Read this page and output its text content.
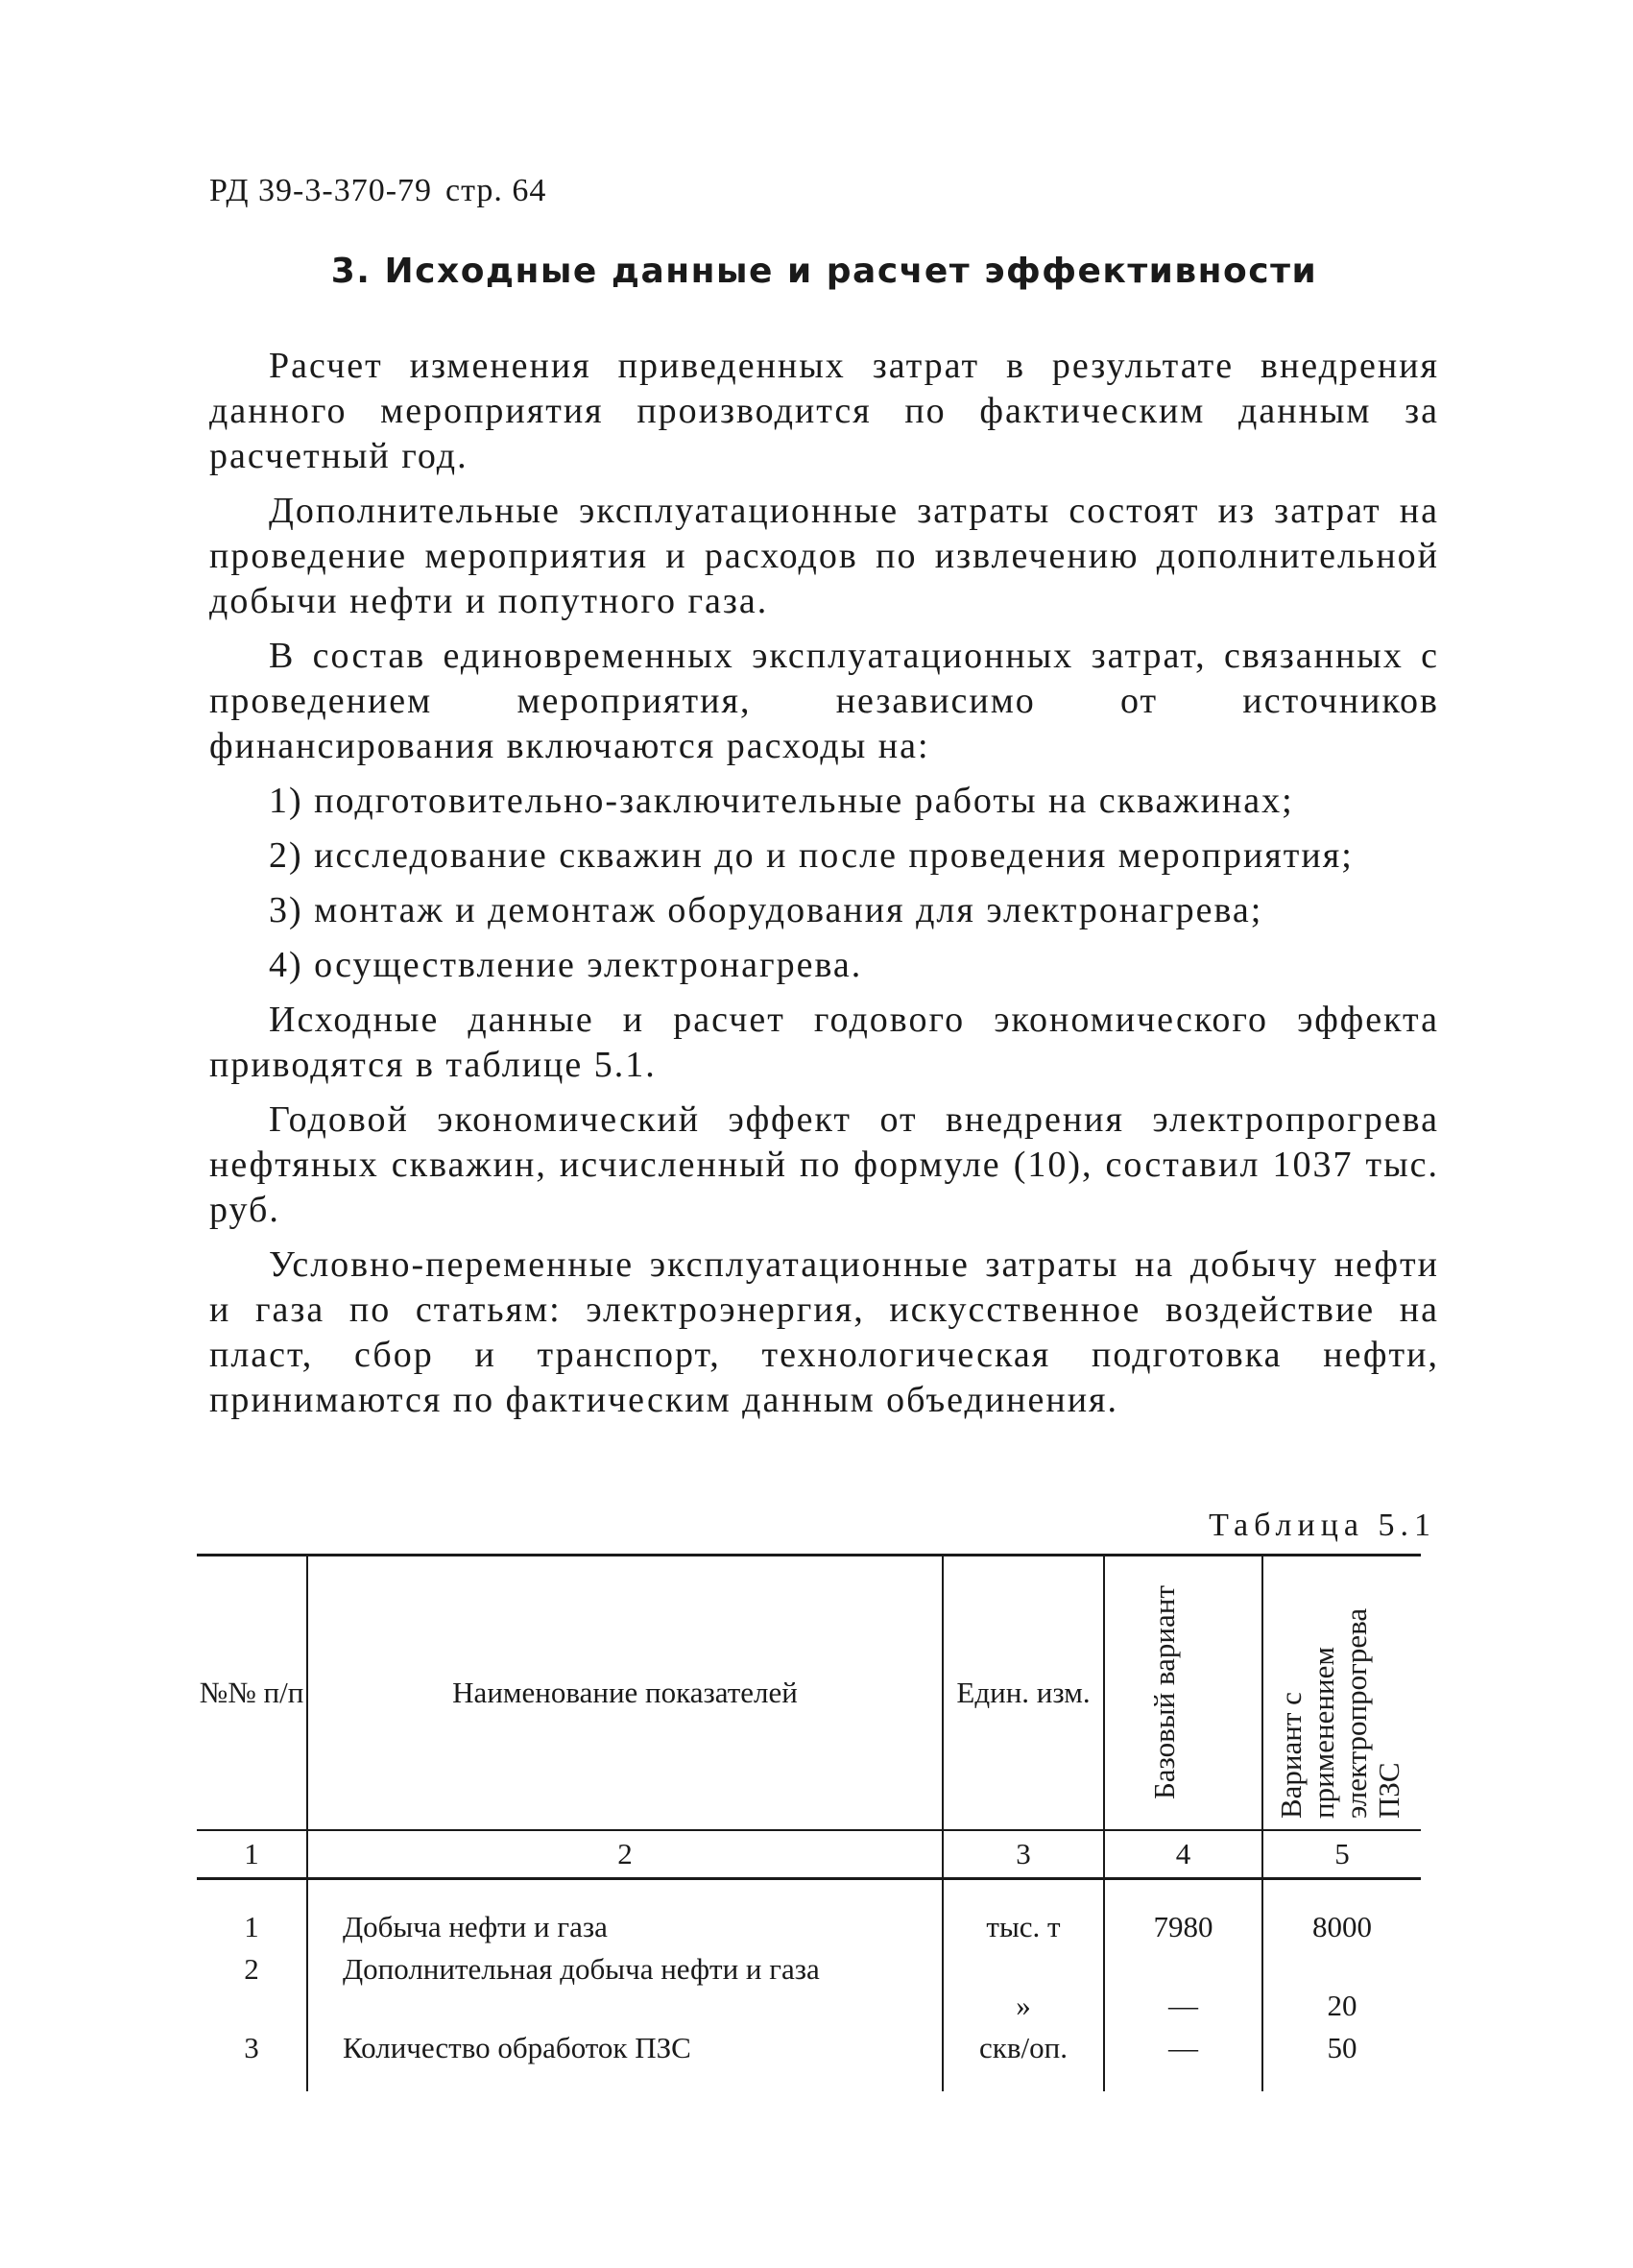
РД 39-3-370-79 стр. 64
3. Исходные данные и расчет эффективности

Расчет изменения приведенных затрат в результате внедрения данного мероприятия производится по фактическим данным за расчетный год.

Дополнительные эксплуатационные затраты состоят из затрат на проведение мероприятия и расходов по извлечению дополнительной добычи нефти и попутного газа.

В состав единовременных эксплуатационных затрат, связанных с проведением мероприятия, независимо от источников финансирования включаются расходы на:

1) подготовительно-заключительные работы на скважинах;

2) исследование скважин до и после проведения мероприятия;

3) монтаж и демонтаж оборудования для электронагрева;

4) осуществление электронагрева.

Исходные данные и расчет годового экономического эффекта приводятся в таблице 5.1.

Годовой экономический эффект от внедрения электропрогрева нефтяных скважин, исчисленный по формуле (10), составил 1037 тыс. руб.

Условно-переменные эксплуатационные затраты на добычу нефти и газа по статьям: электроэнергия, искусственное воздействие на пласт, сбор и транспорт, технологическая подготовка нефти, принимаются по фактическим данным объединения.

Таблица 5.1
№№ п/п	Наименование показателей	Един. изм.	Базовый вариант	Вариант с применением электропрогрева ПЗС
1	2	3	4	5
1	Добыча нефти и газа	тыс. т	7980	8000
2	Дополнительная добыча нефти и газа	»	—	20
3	Количество обработок ПЗС	скв/оп.	—	50
